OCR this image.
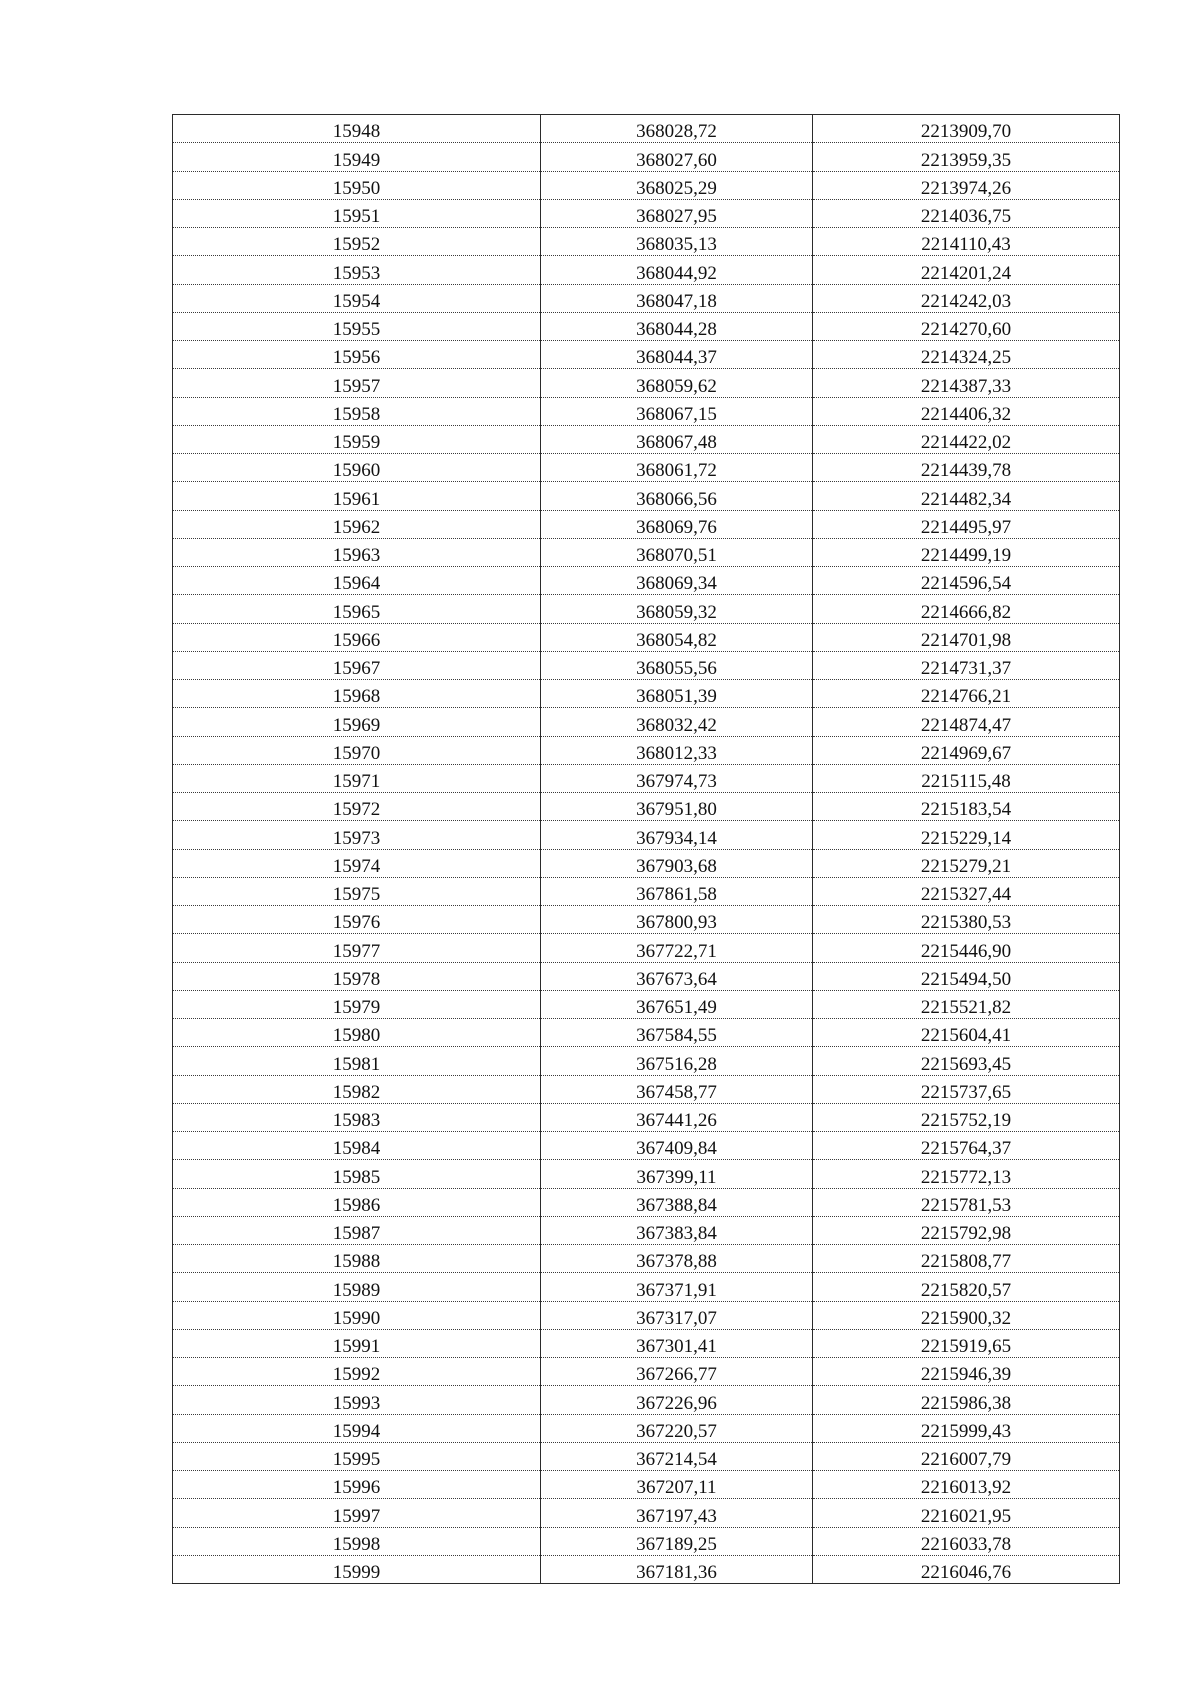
15948	368028,72	2213909,70
15949	368027,60	2213959,35
15950	368025,29	2213974,26
15951	368027,95	2214036,75
15952	368035,13	2214110,43
15953	368044,92	2214201,24
15954	368047,18	2214242,03
15955	368044,28	2214270,60
15956	368044,37	2214324,25
15957	368059,62	2214387,33
15958	368067,15	2214406,32
15959	368067,48	2214422,02
15960	368061,72	2214439,78
15961	368066,56	2214482,34
15962	368069,76	2214495,97
15963	368070,51	2214499,19
15964	368069,34	2214596,54
15965	368059,32	2214666,82
15966	368054,82	2214701,98
15967	368055,56	2214731,37
15968	368051,39	2214766,21
15969	368032,42	2214874,47
15970	368012,33	2214969,67
15971	367974,73	2215115,48
15972	367951,80	2215183,54
15973	367934,14	2215229,14
15974	367903,68	2215279,21
15975	367861,58	2215327,44
15976	367800,93	2215380,53
15977	367722,71	2215446,90
15978	367673,64	2215494,50
15979	367651,49	2215521,82
15980	367584,55	2215604,41
15981	367516,28	2215693,45
15982	367458,77	2215737,65
15983	367441,26	2215752,19
15984	367409,84	2215764,37
15985	367399,11	2215772,13
15986	367388,84	2215781,53
15987	367383,84	2215792,98
15988	367378,88	2215808,77
15989	367371,91	2215820,57
15990	367317,07	2215900,32
15991	367301,41	2215919,65
15992	367266,77	2215946,39
15993	367226,96	2215986,38
15994	367220,57	2215999,43
15995	367214,54	2216007,79
15996	367207,11	2216013,92
15997	367197,43	2216021,95
15998	367189,25	2216033,78
15999	367181,36	2216046,76
